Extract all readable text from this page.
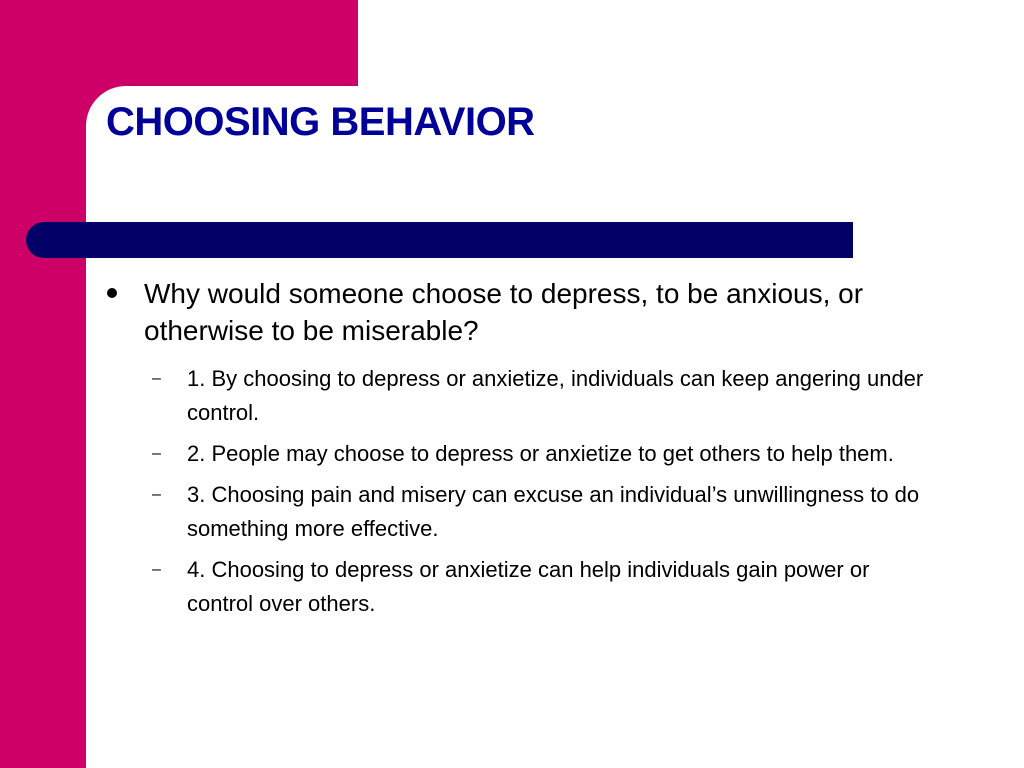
CHOOSING BEHAVIOR

Why would someone choose to depress, to be anxious, or otherwise to be miserable?

– 1. By choosing to depress or anxietize, individuals can keep angering under control.
– 2. People may choose to depress or anxietize to get others to help them.
– 3. Choosing pain and misery can excuse an individual’s unwillingness to do something more effective.
– 4. Choosing to depress or anxietize can help individuals gain power or control over others.
